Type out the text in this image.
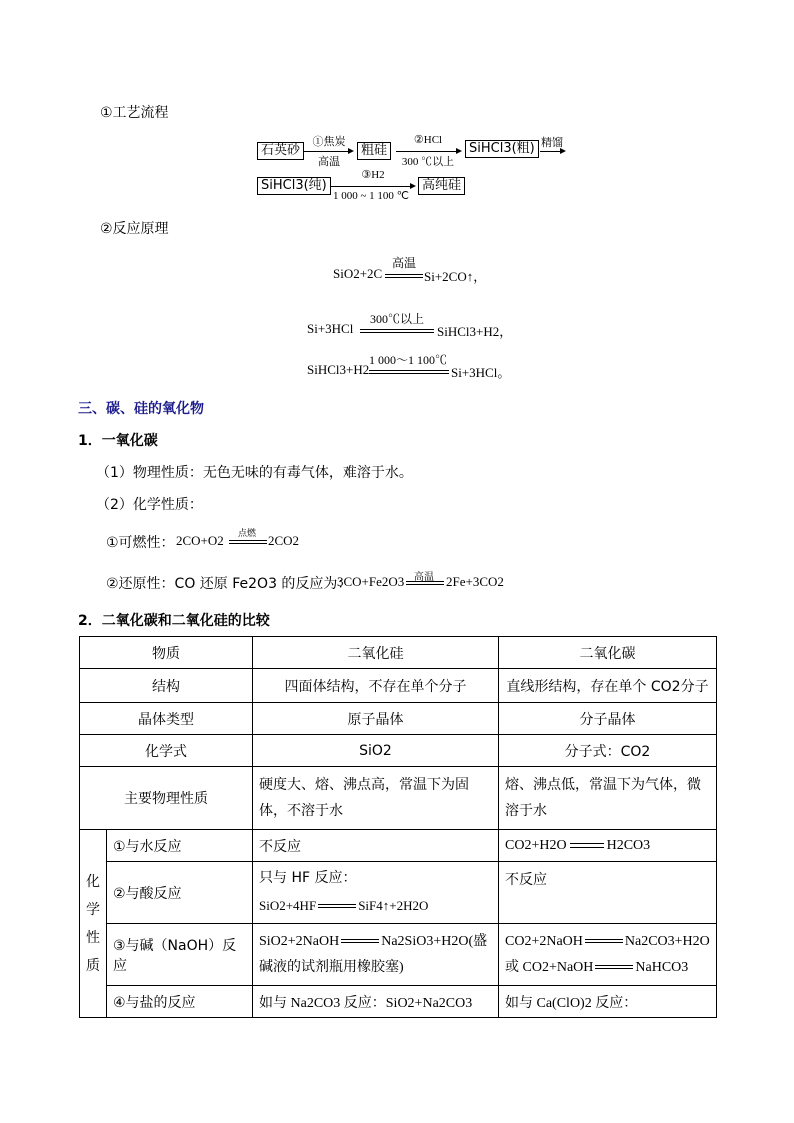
①工艺流程
石英砂
①焦炭
高温
粗硅
②HCl
300 ℃以上
SiHCl3(粗) 精馏
SiHCl3(纯)
③H2
1 000 ~ 1 100 ℃
高纯硅
②反应原理
高温
SiO2+2C	Si+2CO↑，
300℃以上
Si+3HCl	SiHCl3+H2，
1 000～1 100℃
SiHCl3+H2	Si+3HCl。
三、碳、硅的氧化物
1．一氧化碳
（1）物理性质：无色无味的有毒气体，难溶于水。
（2）化学性质：
①可燃性： 2CO+O2	点燃 2CO2
②还原性：CO 还原 Fe2O3 的反应为：
3CO+Fe2O3 高温 2Fe+3CO2
2．二氧化碳和二氧化硅的比较
物质		二氧化硅	二氧化碳
结构		四面体结构，不存在单个分子	直线形结构，存在单个 CO2分子
晶体类型		原子晶体	分子晶体
化学式		SiO2	分子式：CO2
主要物理性质		硬度大、熔、沸点高，常温下为固体，不溶于水	熔、沸点低，常温下为气体，微溶于水
化
学
性
质	①与水反应	不反应	CO2+H2O H2CO3
	②与酸反应	只与 HF 反应：
SiO2+4HF SiF4↑+2H2O	不反应
	③与碱（NaOH）反应	SiO2+2NaOH Na2SiO3+H2O(盛碱液的试剂瓶用橡胶塞)	CO2+2NaOH Na2CO3+H2O
或 CO2+NaOH NaHCO3
	④与盐的反应	如与 Na2CO3 反应：SiO2+Na2CO3	如与 Ca(ClO)2 反应：
